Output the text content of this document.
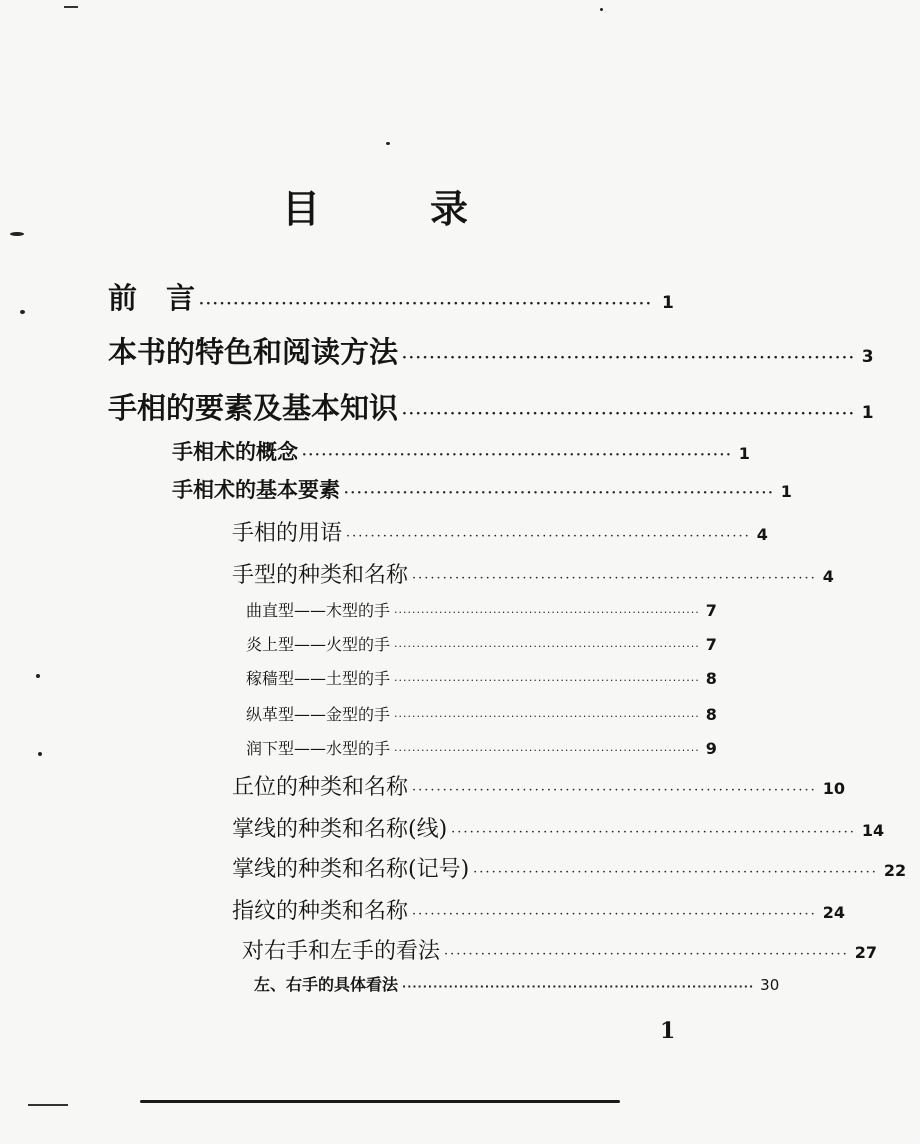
目	录
前　言 ·································································· 1
本书的特色和阅读方法 ·································································· 3
手相的要素及基本知识 ·································································· 1
手相术的概念 ·································································· 1
手相术的基本要素 ·································································· 1
手相的用语 ·································································· 4
手型的种类和名称 ·································································· 4
曲直型——木型的手 ···································································· 7
炎上型——火型的手 ···································································· 7
稼穑型——土型的手 ···································································· 8
纵革型——金型的手 ···································································· 8
润下型——水型的手 ···································································· 9
丘位的种类和名称 ·································································· 10
掌线的种类和名称(线) ·································································· 14
掌线的种类和名称(记号) ·································································· 22
指纹的种类和名称 ·································································· 24
对右手和左手的看法 ·································································· 27
左、右手的具体看法 ···································································· 30
1
